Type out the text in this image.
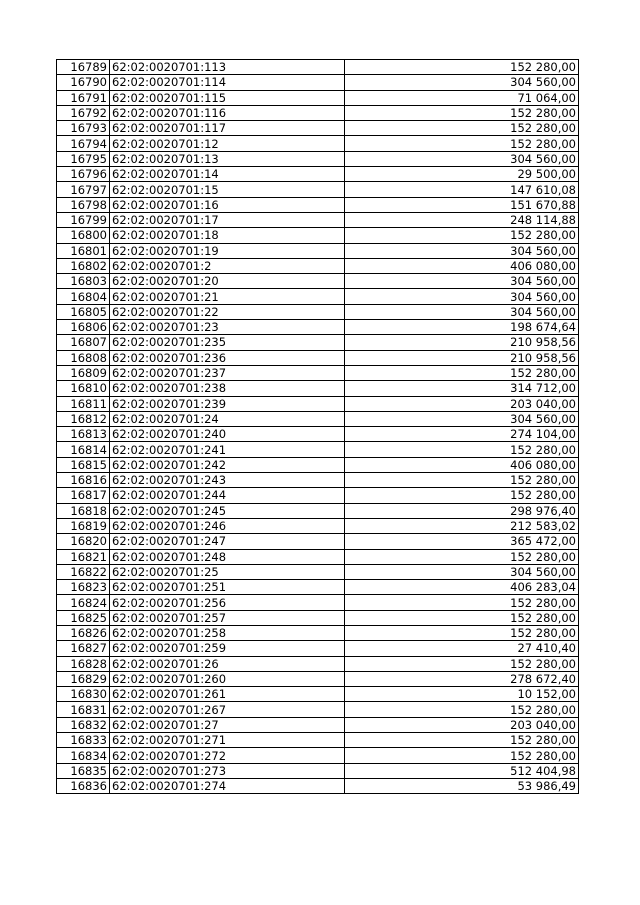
16789	62:02:0020701:113	152 280,00
16790	62:02:0020701:114	304 560,00
16791	62:02:0020701:115	71 064,00
16792	62:02:0020701:116	152 280,00
16793	62:02:0020701:117	152 280,00
16794	62:02:0020701:12	152 280,00
16795	62:02:0020701:13	304 560,00
16796	62:02:0020701:14	29 500,00
16797	62:02:0020701:15	147 610,08
16798	62:02:0020701:16	151 670,88
16799	62:02:0020701:17	248 114,88
16800	62:02:0020701:18	152 280,00
16801	62:02:0020701:19	304 560,00
16802	62:02:0020701:2	406 080,00
16803	62:02:0020701:20	304 560,00
16804	62:02:0020701:21	304 560,00
16805	62:02:0020701:22	304 560,00
16806	62:02:0020701:23	198 674,64
16807	62:02:0020701:235	210 958,56
16808	62:02:0020701:236	210 958,56
16809	62:02:0020701:237	152 280,00
16810	62:02:0020701:238	314 712,00
16811	62:02:0020701:239	203 040,00
16812	62:02:0020701:24	304 560,00
16813	62:02:0020701:240	274 104,00
16814	62:02:0020701:241	152 280,00
16815	62:02:0020701:242	406 080,00
16816	62:02:0020701:243	152 280,00
16817	62:02:0020701:244	152 280,00
16818	62:02:0020701:245	298 976,40
16819	62:02:0020701:246	212 583,02
16820	62:02:0020701:247	365 472,00
16821	62:02:0020701:248	152 280,00
16822	62:02:0020701:25	304 560,00
16823	62:02:0020701:251	406 283,04
16824	62:02:0020701:256	152 280,00
16825	62:02:0020701:257	152 280,00
16826	62:02:0020701:258	152 280,00
16827	62:02:0020701:259	27 410,40
16828	62:02:0020701:26	152 280,00
16829	62:02:0020701:260	278 672,40
16830	62:02:0020701:261	10 152,00
16831	62:02:0020701:267	152 280,00
16832	62:02:0020701:27	203 040,00
16833	62:02:0020701:271	152 280,00
16834	62:02:0020701:272	152 280,00
16835	62:02:0020701:273	512 404,98
16836	62:02:0020701:274	53 986,49
